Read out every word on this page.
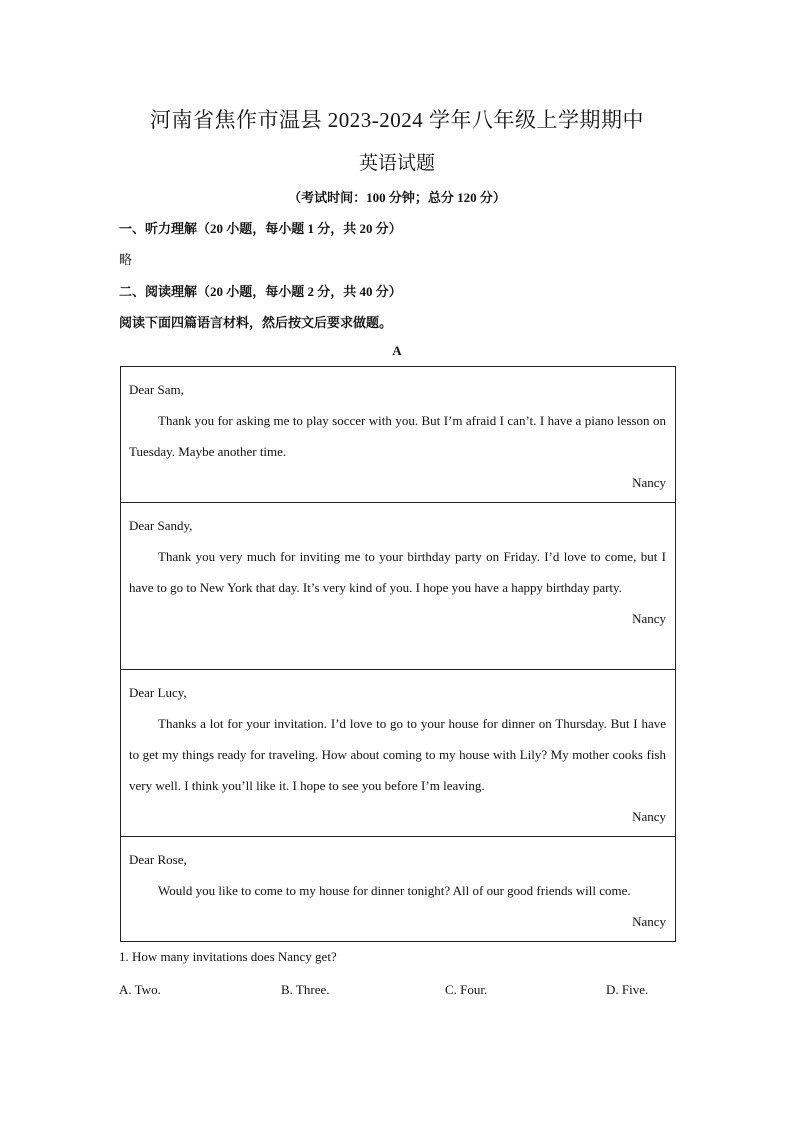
河南省焦作市温县 2023-2024 学年八年级上学期期中
英语试题
（考试时间：100 分钟；总分 120 分）
一、听力理解（20 小题，每小题 1 分，共 20 分）
略
二、阅读理解（20 小题，每小题 2 分，共 40 分）
阅读下面四篇语言材料，然后按文后要求做题。
A

Dear Sam,

Thank you for asking me to play soccer with you. But I’m afraid I can’t. I have a piano lesson on Tuesday. Maybe another time.

Nancy

Dear Sandy,

Thank you very much for inviting me to your birthday party on Friday. I’d love to come, but I have to go to New York that day. It’s very kind of you. I hope you have a happy birthday party.

Nancy

Dear Lucy,

Thanks a lot for your invitation. I’d love to go to your house for dinner on Thursday. But I have to get my things ready for traveling. How about coming to my house with Lily? My mother cooks fish very well. I think you’ll like it. I hope to see you before I’m leaving.

Nancy

Dear Rose,

Would you like to come to my house for dinner tonight? All of our good friends will come.

Nancy

1. How many invitations does Nancy get?
A. Two.	B. Three.	C. Four.	D. Five.
